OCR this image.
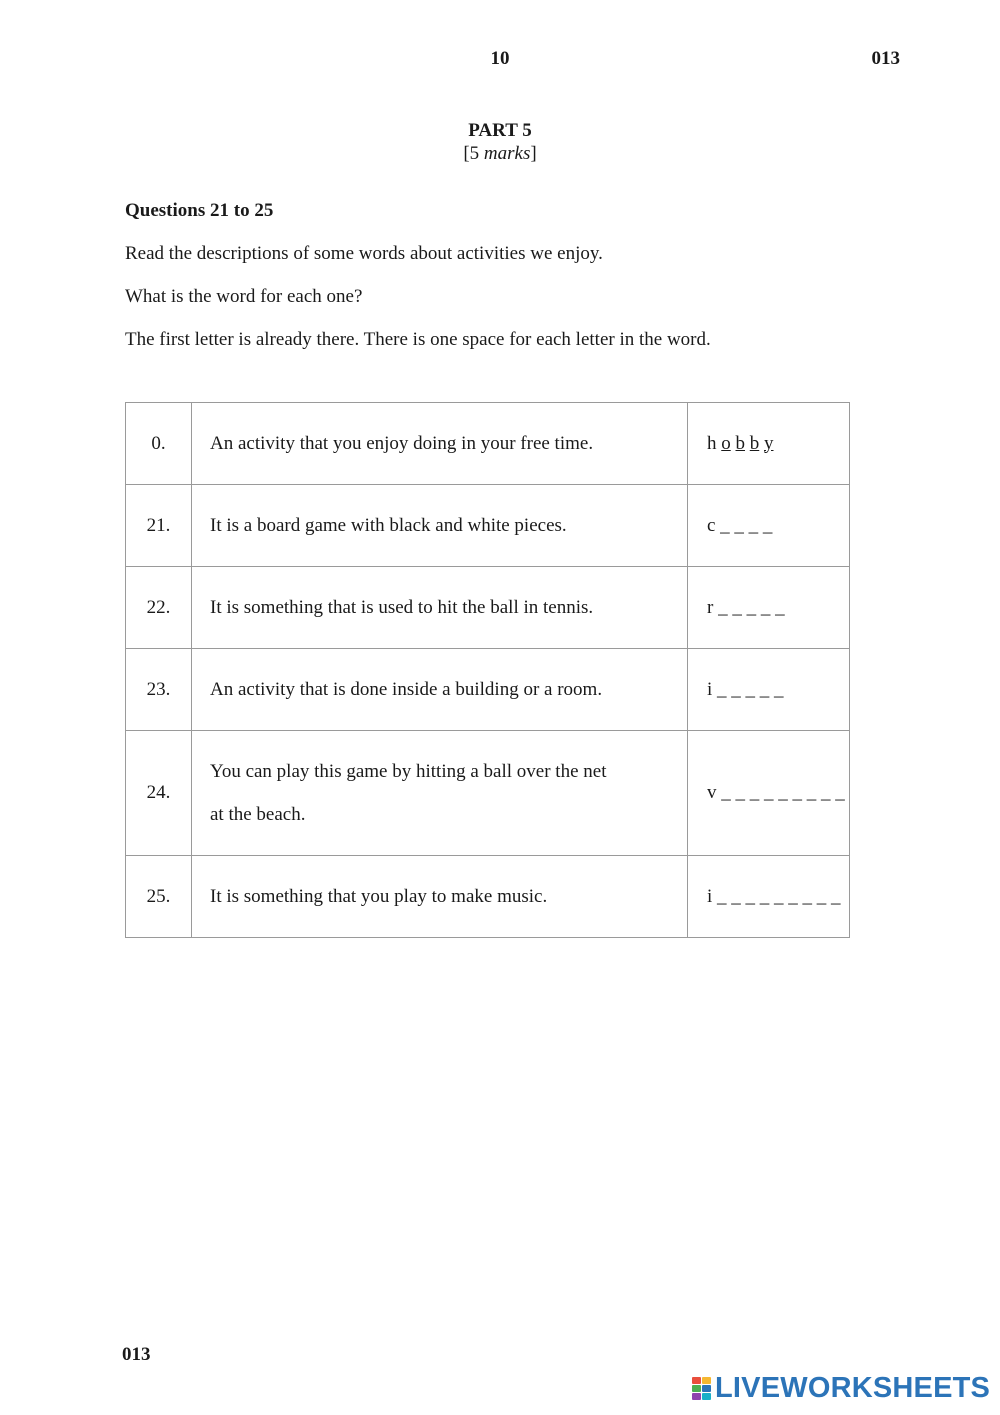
10	013
PART 5
[5 marks]
Questions 21 to 25
Read the descriptions of some words about activities we enjoy.
What is the word for each one?
The first letter is already there. There is one space for each letter in the word.
0.	An activity that you enjoy doing in your free time.	h o b b y
21.	It is a board game with black and white pieces.	c _ _ _ _
22.	It is something that is used to hit the ball in tennis.	r _ _ _ _ _
23.	An activity that is done inside a building or a room.	i _ _ _ _ _
24.	You can play this game by hitting a ball over the net
at the beach.	v _ _ _ _ _ _ _ _ _
25.	It is something that you play to make music.	i _ _ _ _ _ _ _ _ _
013
LIVEWORKSHEETS
